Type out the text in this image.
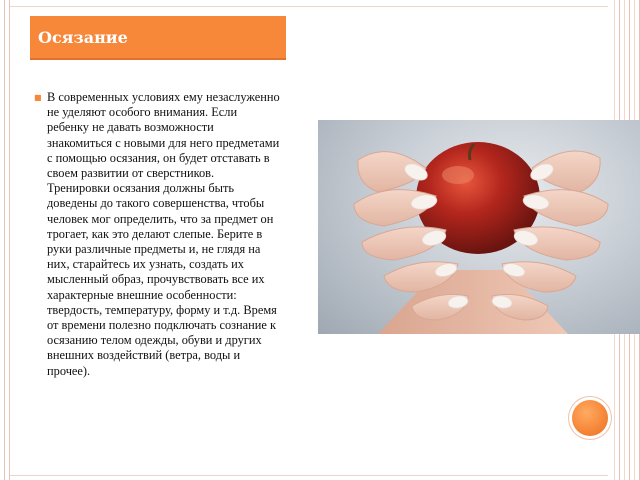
Осязание
■ В современных условиях ему незаслуженно не уделяют особого внимания. Если ребенку не давать возможности знакомиться с новыми для него предметами с помощью осязания, он будет отставать в своем развитии от сверстников.

Тренировки осязания должны быть доведены до такого совершенства, чтобы человек мог определить, что за предмет он трогает, как это делают слепые. Берите в руки различные предметы и, не глядя на них, старайтесь их узнать, создать их мысленный образ, прочувствовать все их характерные внешние особенности: твердость, температуру, форму и т.д. Время от времени полезно подключать сознание к осязанию телом одежды, обуви и других внешних воздействий (ветра, воды и прочее).
